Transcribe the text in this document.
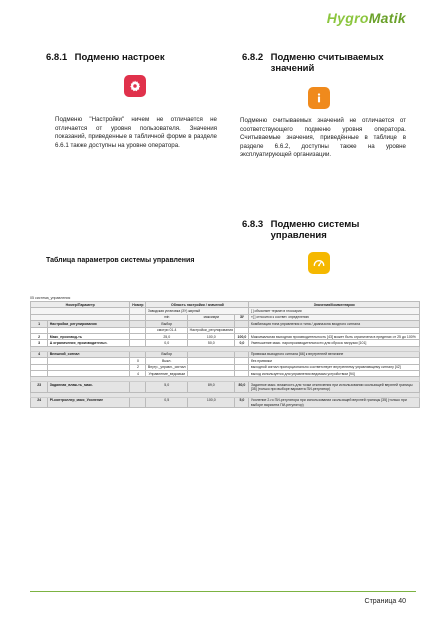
HygroMatik
6.8.1 Подменю настроек
Подменю "Настройки" ничем не отличается не отличается от уровня пользователя. Значения показаний, приведенные в табличной форме в разделе 6.6.1 также доступны на уровне оператора.
6.8.2 Подменю считываемых значений
Подменю считываемых значений не отличается от соответствующего подменю уровня оператора. Считываемые значения, приведённые в таблице в разделе 6.6.2, доступны также на уровне эксплуатирующей организации.
6.8.3 Подменю системы управления
Таблица параметров системы управления
05 система_управления
Номер/Параметр		Номер	Область настройки / значений			Значения/Комментарии
			Заводская установка (ЗУ) жирный			[ ] объясняет термин в глоссарии
			min	максимум	ЗУ	»[ ] относится к соответ. определению
1	Настройки_регулирования		Выбор			Комбинация типа управления и типа / диапазона входного сигнала
			смотри 01-4	Настройки_регулирования		
2	Макс_производ-ть		25,0	100,0	100,0	Максимальная выходная производительность [43] может быть ограничена в пределах от 25 до 100%
3	Δ ограничения_производительн.		0,0	50,0	0,0	Уменьшение макс. паропроизводительности для сброса нагрузки [101]

4	Внешний_сигнал		Выбор			Привязка выходного сигнала [66] к внутренней величине
		0	Выкл.			без привязки
		2	Внутр._управл._сигнал			выходной сигнал пропорционально соответствует внутреннему управляющему сигналу [42]
		4	Управление_ведомым			выход используется для управления ведомым устройством [94]

23	Заданная_влаж-ть_макс.		5,0	89,0	80,0	Заданное макс. влажность для точки отключения при использовании скользящей верхней границы [35] (только при выборе варианта ПИ-регулятор)

24	PI-контроллер_макс_Усиление		0,5	100,0	5,0	Усиление 2-го ПИ-регулятора при использовании скользящей верхней границы [35] (только при выборе варианта ПИ-регулятор)
Страница 40
